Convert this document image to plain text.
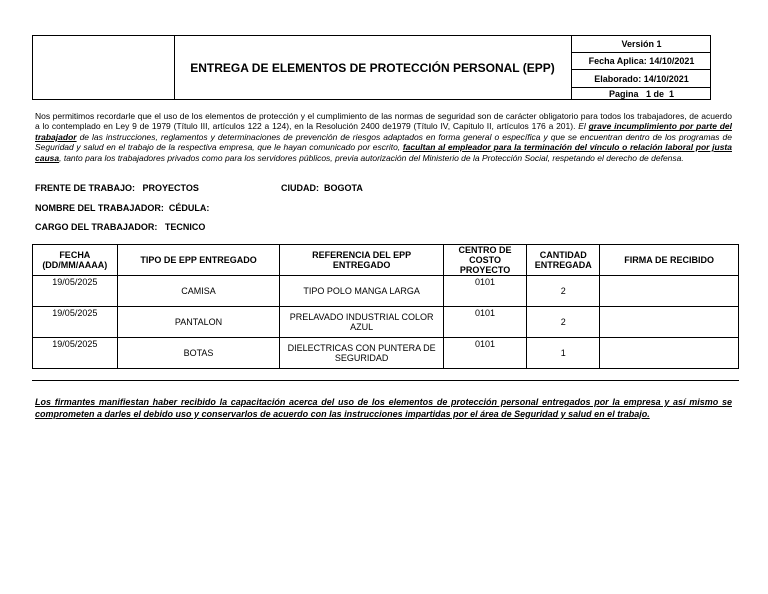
ENTREGA DE ELEMENTOS DE PROTECCIÓN PERSONAL (EPP)
Versión 1
Fecha Aplica: 14/10/2021
Elaborado: 14/10/2021
Pagina   1 de  1
Nos permitimos recordarle que el uso de los elementos de protección y el cumplimiento de las normas de seguridad son de carácter obligatorio para todos los trabajadores, de acuerdo a lo contemplado en Ley 9 de 1979 (Título III, artículos 122 a 124), en la Resolución 2400 de1979 (Título IV, Capitulo II, artículos 176 a 201). El grave incumplimiento por parte del trabajador de las instrucciones, reglamentos y determinaciones de prevención de riesgos adaptados en forma general o específica y que se encuentran dentro de los programas de Seguridad y salud en el trabajo de la respectiva empresa, que le hayan comunicado por escrito, facultan al empleador para la terminación del vínculo o relación laboral por justa causa, tanto para los trabajadores privados como para los servidores públicos, previa autorización del Ministerio de la Protección Social, respetando el derecho de defensa.
FRENTE DE TRABAJO:   PROYECTOS	CIUDAD:  BOGOTA
NOMBRE DEL TRABAJADOR:  CÉDULA:
CARGO DEL TRABAJADOR:   TECNICO
FECHA (DD/MM/AAAA)	TIPO DE EPP ENTREGADO	REFERENCIA DEL EPP ENTREGADO	CENTRO DE COSTO PROYECTO	CANTIDAD ENTREGADA	FIRMA DE RECIBIDO
19/05/2025	CAMISA	TIPO POLO MANGA LARGA	0101	2	
19/05/2025	PANTALON	PRELAVADO INDUSTRIAL COLOR AZUL	0101	2	
19/05/2025	BOTAS	DIELECTRICAS CON PUNTERA DE SEGURIDAD	0101	1	
Los firmantes manifiestan haber recibido la capacitación acerca del uso de los elementos de protección personal entregados por la empresa y así mismo se comprometen a darles el debido uso y conservarlos de acuerdo con las instrucciones impartidas por el área de Seguridad y salud en el trabajo.
